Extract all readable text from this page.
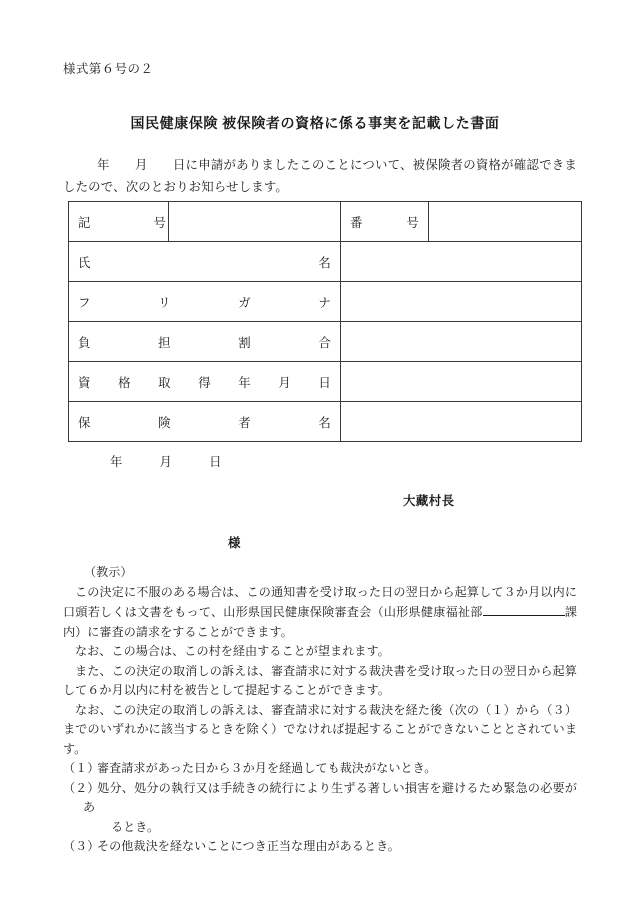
様式第６号の２
国民健康保険 被保険者の資格に係る事実を記載した書面
年　　月　　日に申請がありましたこのことについて、被保険者の資格が確認できましたので、次のとおりお知らせします。
記　　　　　号		番　　　号	
氏　　　　　名			
フ　リ　ガ　ナ			
負　担　割　合			
資 格 取 得 年 月 日			
保　険　者　名			
年　　　月　　　日
大藏村長
様
（教示）

この決定に不服のある場合は、この通知書を受け取った日の翌日から起算して３か月以内に口頭若しくは文書をもって、山形県国民健康保険審査会（山形県健康福祉部	課内）に審査の請求をすることができます。

なお、この場合は、この村を経由することが望まれます。

また、この決定の取消しの訴えは、審査請求に対する裁決書を受け取った日の翌日から起算して６か月以内に村を被告として提起することができます。

なお、この決定の取消しの訴えは、審査請求に対する裁決を経た後（次の（１）から（３）までのいずれかに該当するときを除く）でなければ提起することができないこととされています。

（１）審査請求があった日から３か月を経過しても裁決がないとき。

（２）処分、処分の執行又は手続きの続行により生ずる著しい損害を避けるため緊急の必要があ

るとき。

（３）その他裁決を経ないことにつき正当な理由があるとき。
